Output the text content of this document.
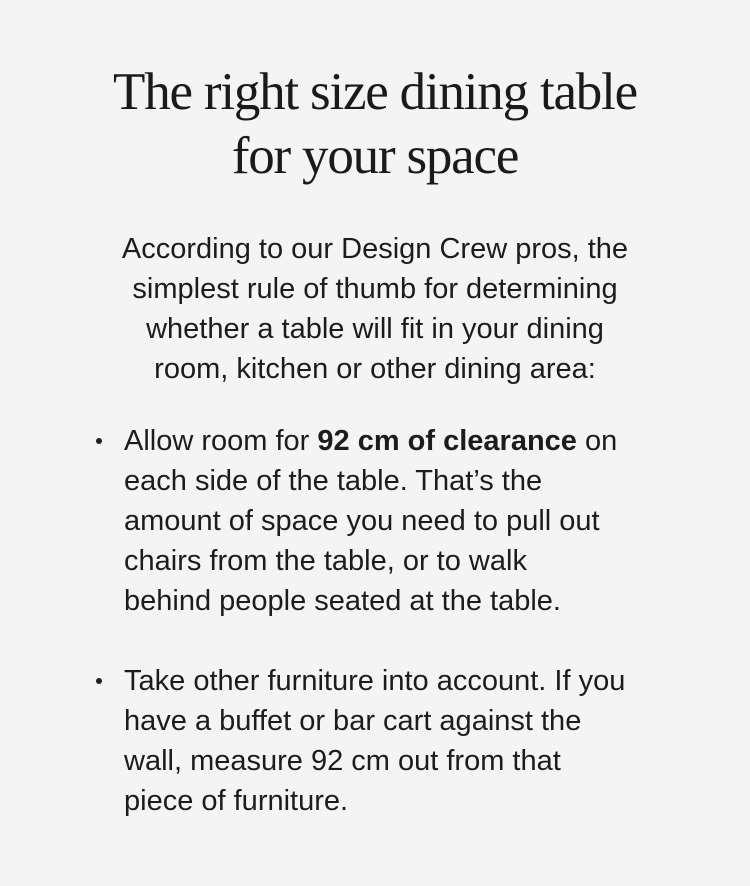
The right size dining table
for your space

According to our Design Crew pros, the
simplest rule of thumb for determining
whether a table will fit in your dining
room, kitchen or other dining area:

Allow room for 92 cm of clearance on
each side of the table. That’s the
amount of space you need to pull out
chairs from the table, or to walk
behind people seated at the table.
Take other furniture into account. If you
have a buffet or bar cart against the
wall, measure 92 cm out from that
piece of furniture.
